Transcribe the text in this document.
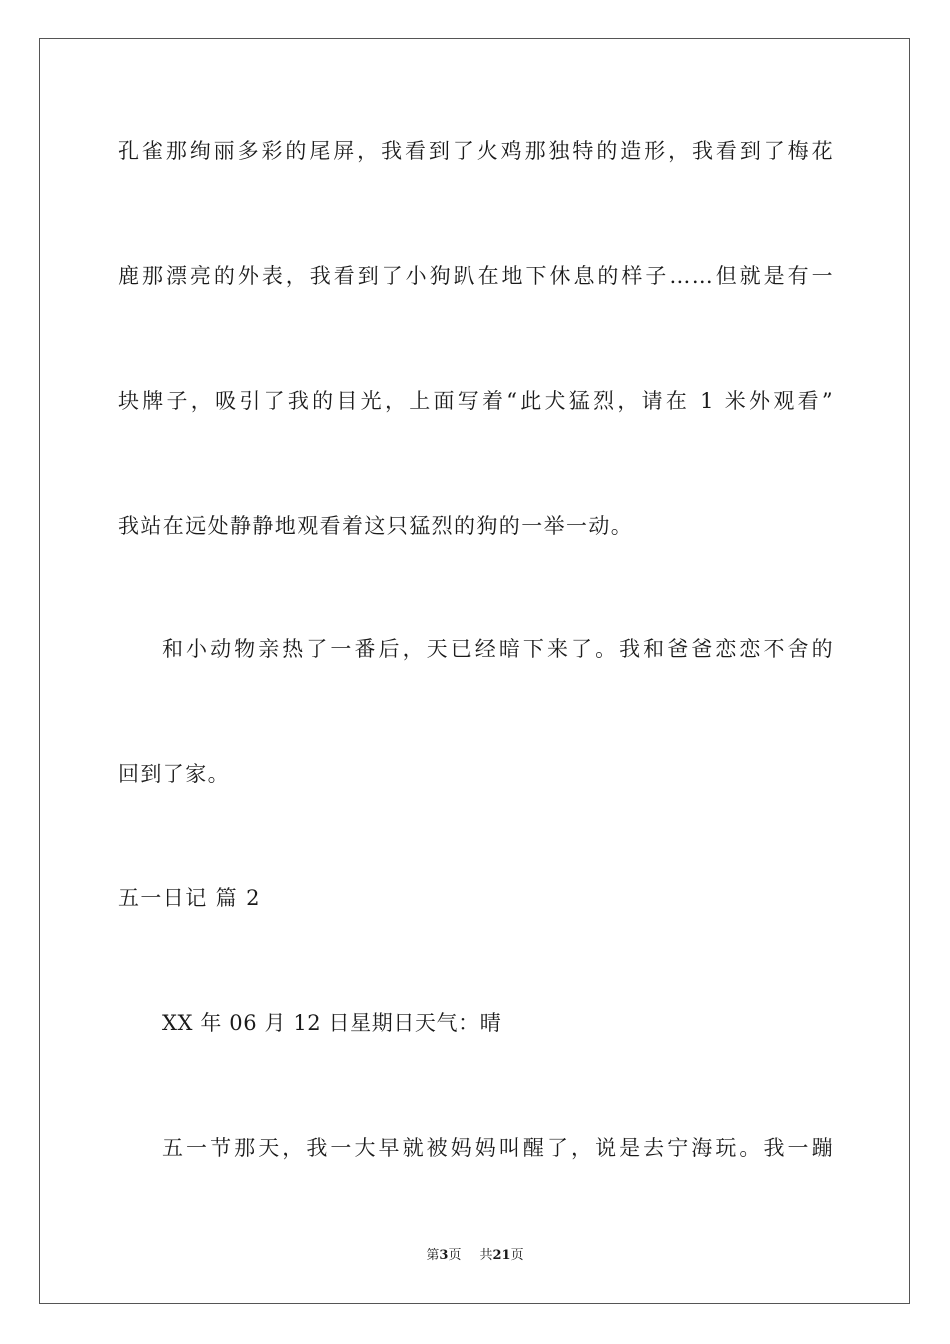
孔雀那绚丽多彩的尾屏，我看到了火鸡那独特的造形，我看到了梅花
鹿那漂亮的外表，我看到了小狗趴在地下休息的样子……但就是有一
块牌子，吸引了我的目光，上面写着“此犬猛烈，请在 1 米外观看”
我站在远处静静地观看着这只猛烈的狗的一举一动。
和小动物亲热了一番后，天已经暗下来了。我和爸爸恋恋不舍的
回到了家。
五一日记 篇 2
XX 年 06 月 12 日星期日天气：晴
五一节那天，我一大早就被妈妈叫醒了，说是去宁海玩。我一蹦
第3页 共21页
